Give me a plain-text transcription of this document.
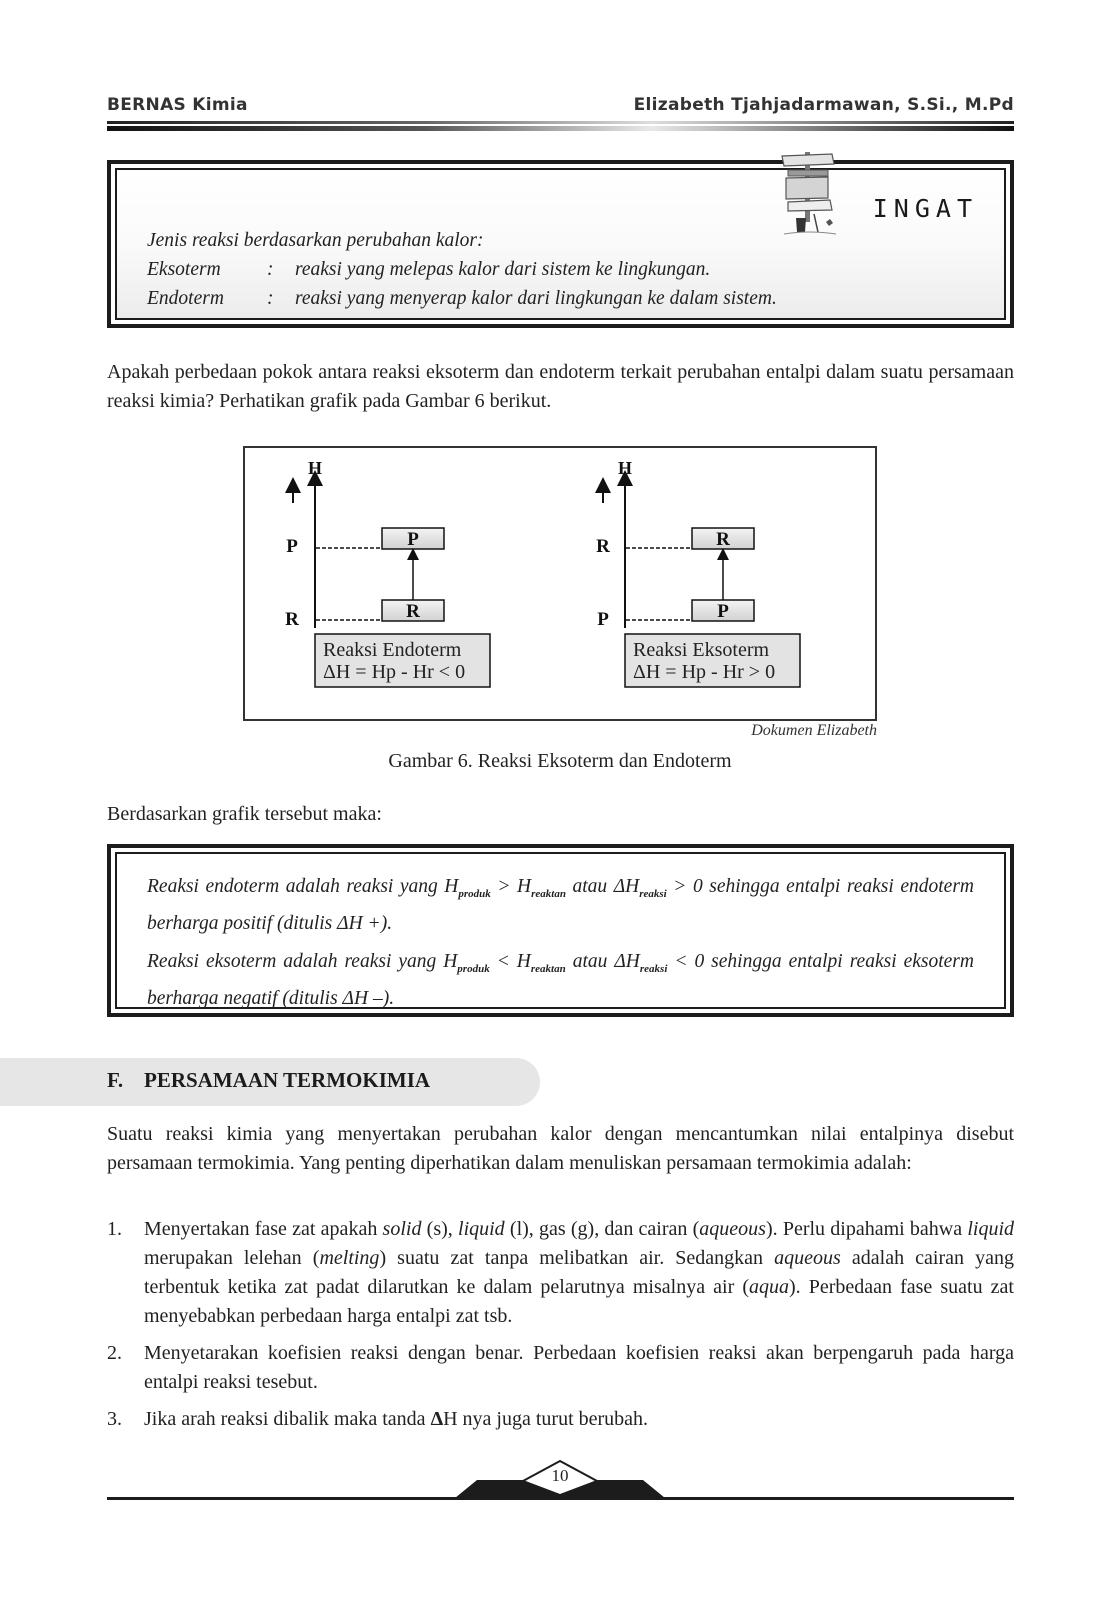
BERNAS Kimia	Elizabeth Tjahjadarmawan, S.Si., M.Pd
INGAT
Jenis reaksi berdasarkan perubahan kalor:
Eksoterm	:	reaksi yang melepas kalor dari sistem ke lingkungan.
Endoterm	:	reaksi yang menyerap kalor dari lingkungan ke dalam sistem.

Apakah perbedaan pokok antara reaksi eksoterm dan endoterm terkait perubahan entalpi dalam suatu persamaan reaksi kimia? Perhatikan grafik pada Gambar 6 berikut.

H
P
R
P
R
Reaksi Endoterm
ΔH = Hp - Hr < 0
H
R
P
R
P
Reaksi Eksoterm
ΔH = Hp - Hr > 0
Dokumen Elizabeth
Gambar 6. Reaksi Eksoterm dan Endoterm
Berdasarkan grafik tersebut maka:

Reaksi endoterm adalah reaksi yang $H_{produk} > H_{reaktan}$ atau $\Delta H_{reaksi} > 0$ sehingga entalpi reaksi endoterm berharga positif (ditulis ΔH +).

Reaksi eksoterm adalah reaksi yang $H_{produk} < H_{reaktan}$ atau $\Delta H_{reaksi} < 0$ sehingga entalpi reaksi eksoterm berharga negatif (ditulis ΔH –).

F. PERSAMAAN TERMOKIMIA

Suatu reaksi kimia yang menyertakan perubahan kalor dengan mencantumkan nilai entalpinya disebut persamaan termokimia. Yang penting diperhatikan dalam menuliskan persamaan termokimia adalah:

1.	Menyertakan fase zat apakah solid (s), liquid (l), gas (g), dan cairan (aqueous). Perlu dipahami bahwa liquid merupakan lelehan (melting) suatu zat tanpa melibatkan air. Sedangkan aqueous adalah cairan yang terbentuk ketika zat padat dilarutkan ke dalam pelarutnya misalnya air (aqua). Perbedaan fase suatu zat menyebabkan perbedaan harga entalpi zat tsb.
2.	Menyetarakan koefisien reaksi dengan benar. Perbedaan koefisien reaksi akan berpengaruh pada harga entalpi reaksi tesebut.
3.	Jika arah reaksi dibalik maka tanda ΔH nya juga turut berubah.
10
